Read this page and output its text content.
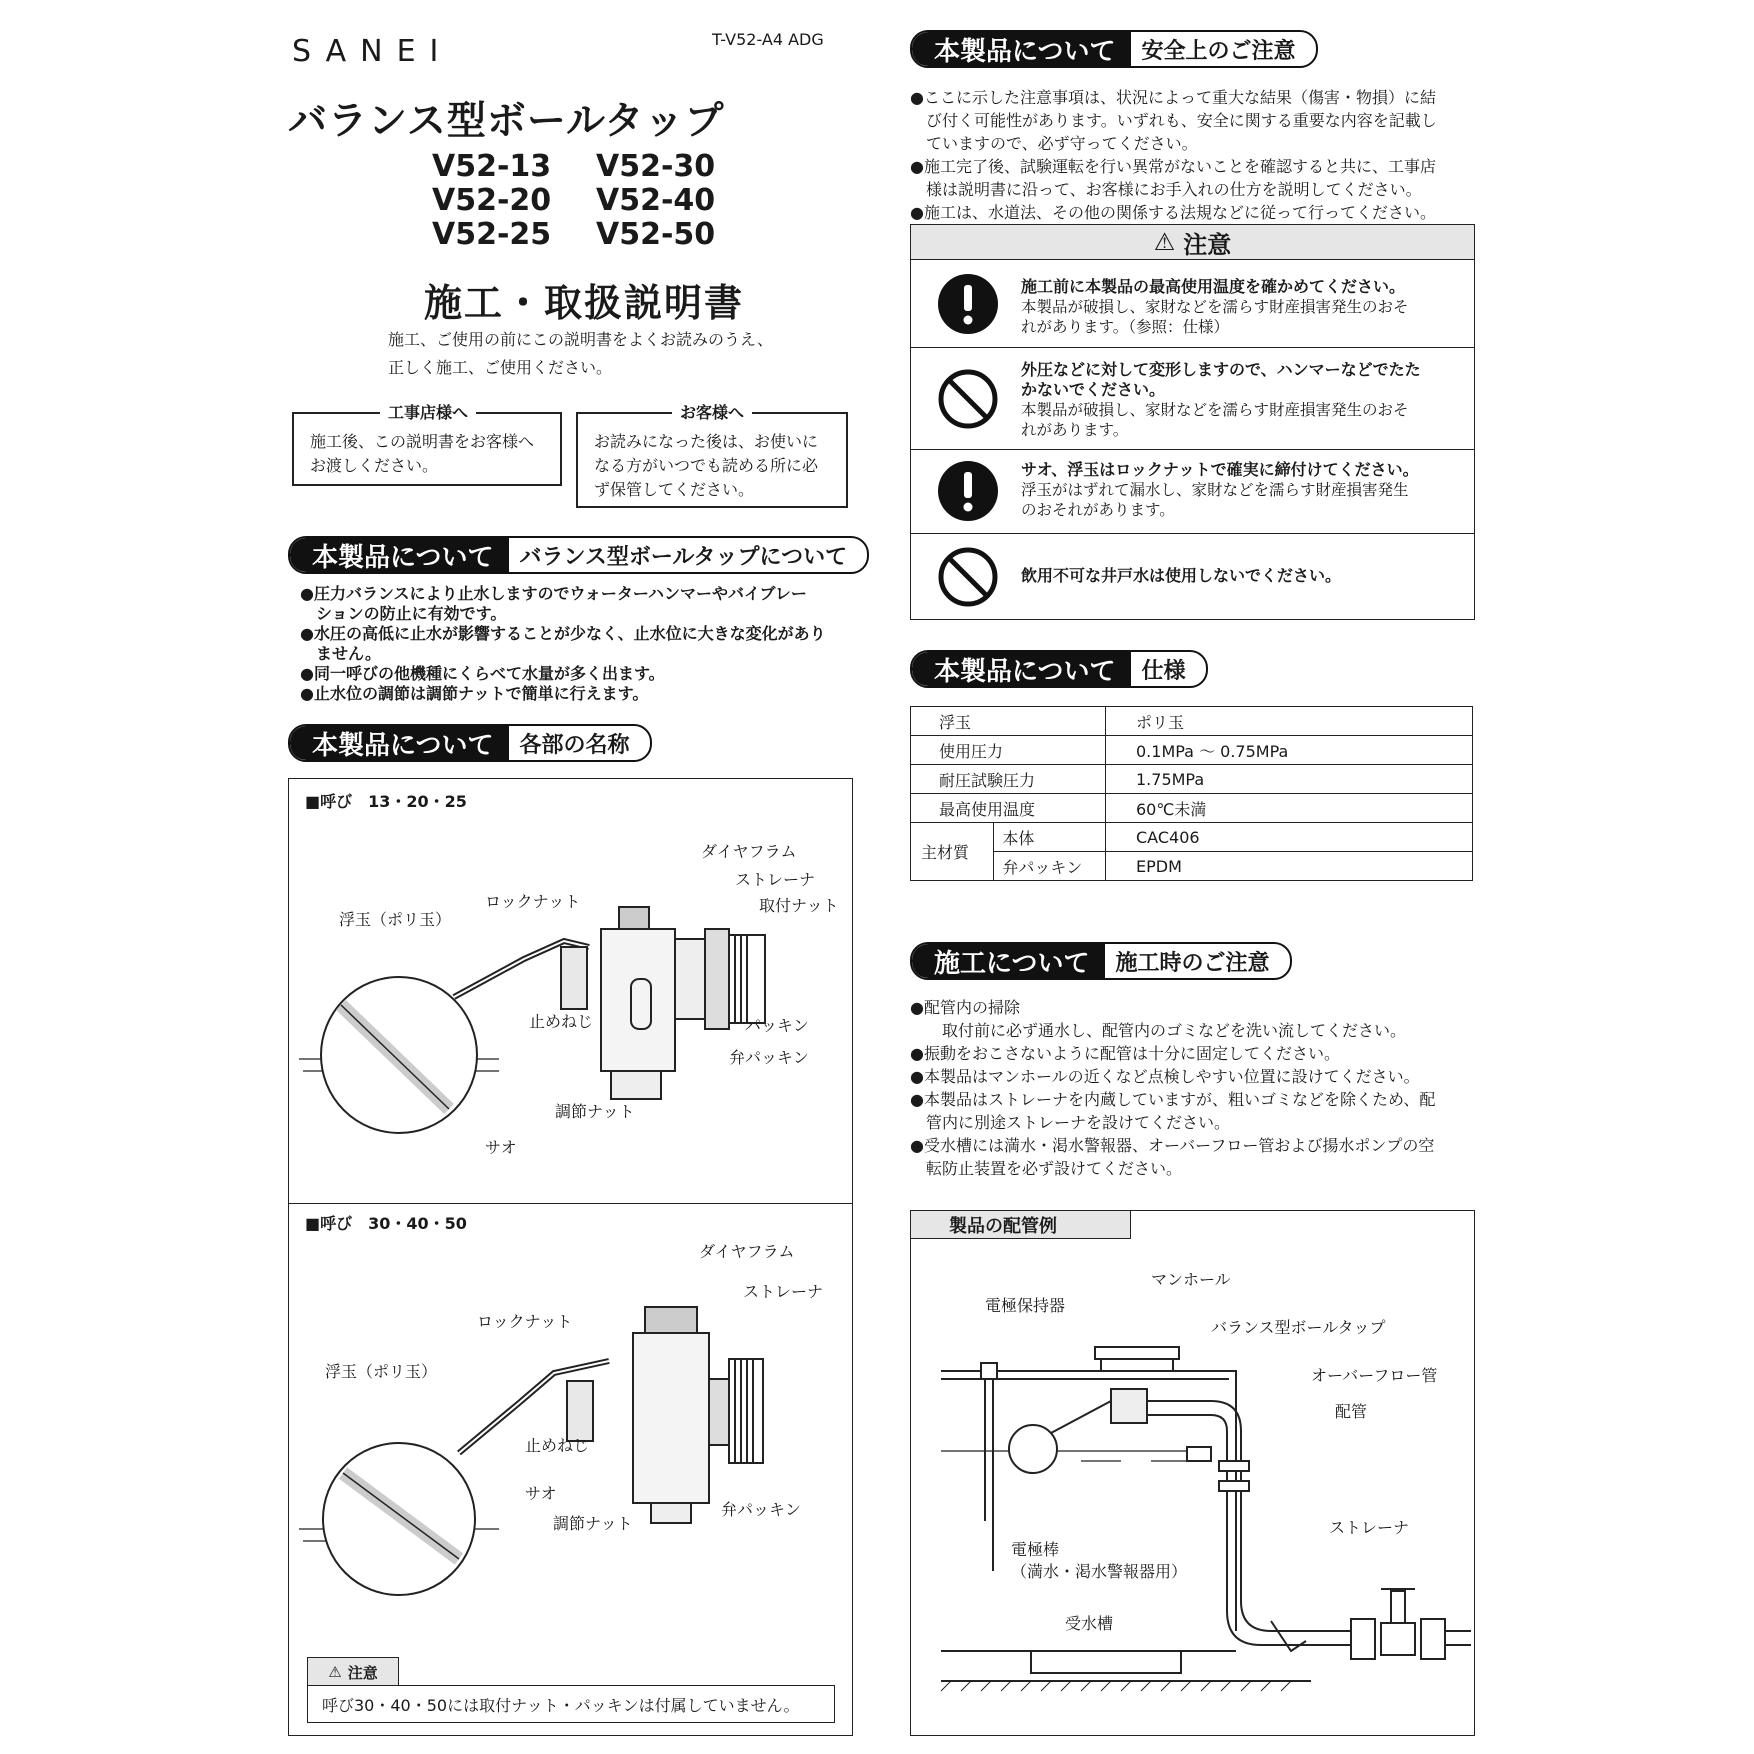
SANEI	T-V52-A4 ADG
バランス型ボールタップ
V52-13	V52-30
V52-20	V52-40
V52-25	V52-50
施工・取扱説明書
施工、ご使用の前にこの説明書をよくお読みのうえ、
正しく施工、ご使用ください。
工事店様へ
施工後、この説明書をお客様へ
お渡しください。
お客様へ
お読みになった後は、お使いに
なる方がいつでも読める所に必
ず保管してください。
本製品について	バランス型ボールタップについて
●圧力バランスにより止水しますのでウォーターハンマーやバイブレー
ションの防止に有効です。
●水圧の高低に止水が影響することが少なく、止水位に大きな変化があり
ません。
●同一呼びの他機種にくらべて水量が多く出ます。
●止水位の調節は調節ナットで簡単に行えます。
本製品について	各部の名称
■呼び　13・20・25
■呼び　30・40・50
ダイヤフラム
ストレーナ
取付ナット
ロックナット
浮玉（ポリ玉）
止めねじ	パッキン
弁パッキン
調節ナット
サオ
ダイヤフラム
ストレーナ
ロックナット
浮玉（ポリ玉）
止めねじ
サオ
弁パッキン
調節ナット
⚠ 注意
呼び30・40・50には取付ナット・パッキンは付属していません。
本製品について	安全上のご注意
●ここに示した注意事項は、状況によって重大な結果（傷害・物損）に結
び付く可能性があります。いずれも、安全に関する重要な内容を記載し
ていますので、必ず守ってください。
●施工完了後、試験運転を行い異常がないことを確認すると共に、工事店
様は説明書に沿って、お客様にお手入れの仕方を説明してください。
●施工は、水道法、その他の関係する法規などに従って行ってください。
⚠ 注意
施工前に本製品の最高使用温度を確かめてください。
本製品が破損し、家財などを濡らす財産損害発生のおそ
れがあります。（参照：仕様）
外圧などに対して変形しますので、ハンマーなどでたた
かないでください。
本製品が破損し、家財などを濡らす財産損害発生のおそ
れがあります。
サオ、浮玉はロックナットで確実に締付けてください。
浮玉がはずれて漏水し、家財などを濡らす財産損害発生
のおそれがあります。
飲用不可な井戸水は使用しないでください。
本製品について	仕様
浮玉		ポリ玉
使用圧力		0.1MPa ～ 0.75MPa
耐圧試験圧力		1.75MPa
最高使用温度		60℃未満
主材質	本体	CAC406
	弁パッキン	EPDM
施工について	施工時のご注意
●配管内の掃除
　取付前に必ず通水し、配管内のゴミなどを洗い流してください。
●振動をおこさないように配管は十分に固定してください。
●本製品はマンホールの近くなど点検しやすい位置に設けてください。
●本製品はストレーナを内蔵していますが、粗いゴミなどを除くため、配
管内に別途ストレーナを設けてください。
●受水槽には満水・渇水警報器、オーバーフロー管および揚水ポンプの空
転防止装置を必ず設けてください。
製品の配管例
マンホール
電極保持器
バランス型ボールタップ
オーバーフロー管
配管
ストレーナ
電極棒
（満水・渇水警報器用）
受水槽
